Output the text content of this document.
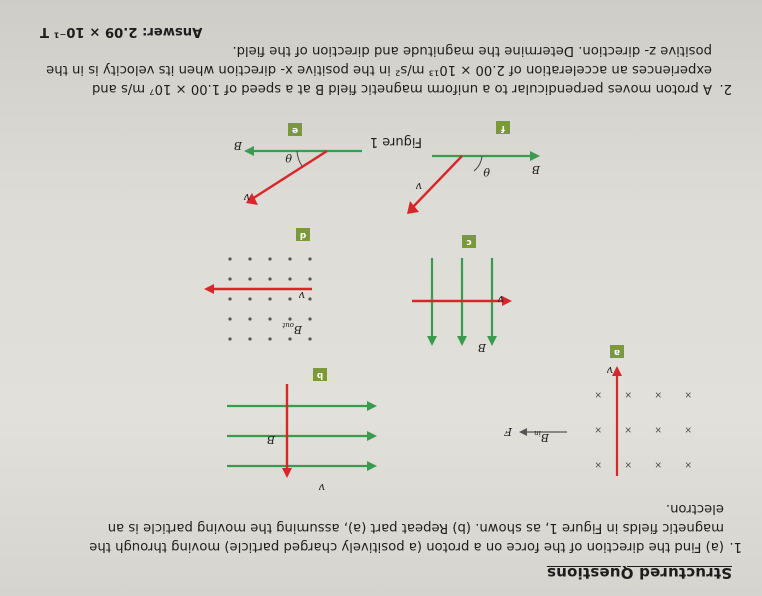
Structured Questions
1.
(a) Find the direction of the force on a proton (a positively charged particle) moving through the magnetic fields in Figure 1, as shown. (b) Repeat part (a), assuming the moving particle is an electron.
a
×
×
×
×
×
×
×
×
×
×
×
×
v
$B_{in}$
F
b
v
B
c
B
v
d
v
$B_{out}$
e
v
B
θ
f
B
v
θ
Figure 1
2.
A proton moves perpendicular to a uniform magnetic field B at a speed of 1.00 × 10⁷ m/s and experiences an acceleration of 2.00 × 10¹³ m/s² in the positive x- direction when its velocity is in the positive z- direction. Determine the magnitude and direction of the field.
Answer: 2.09 × 10⁻¹ T
